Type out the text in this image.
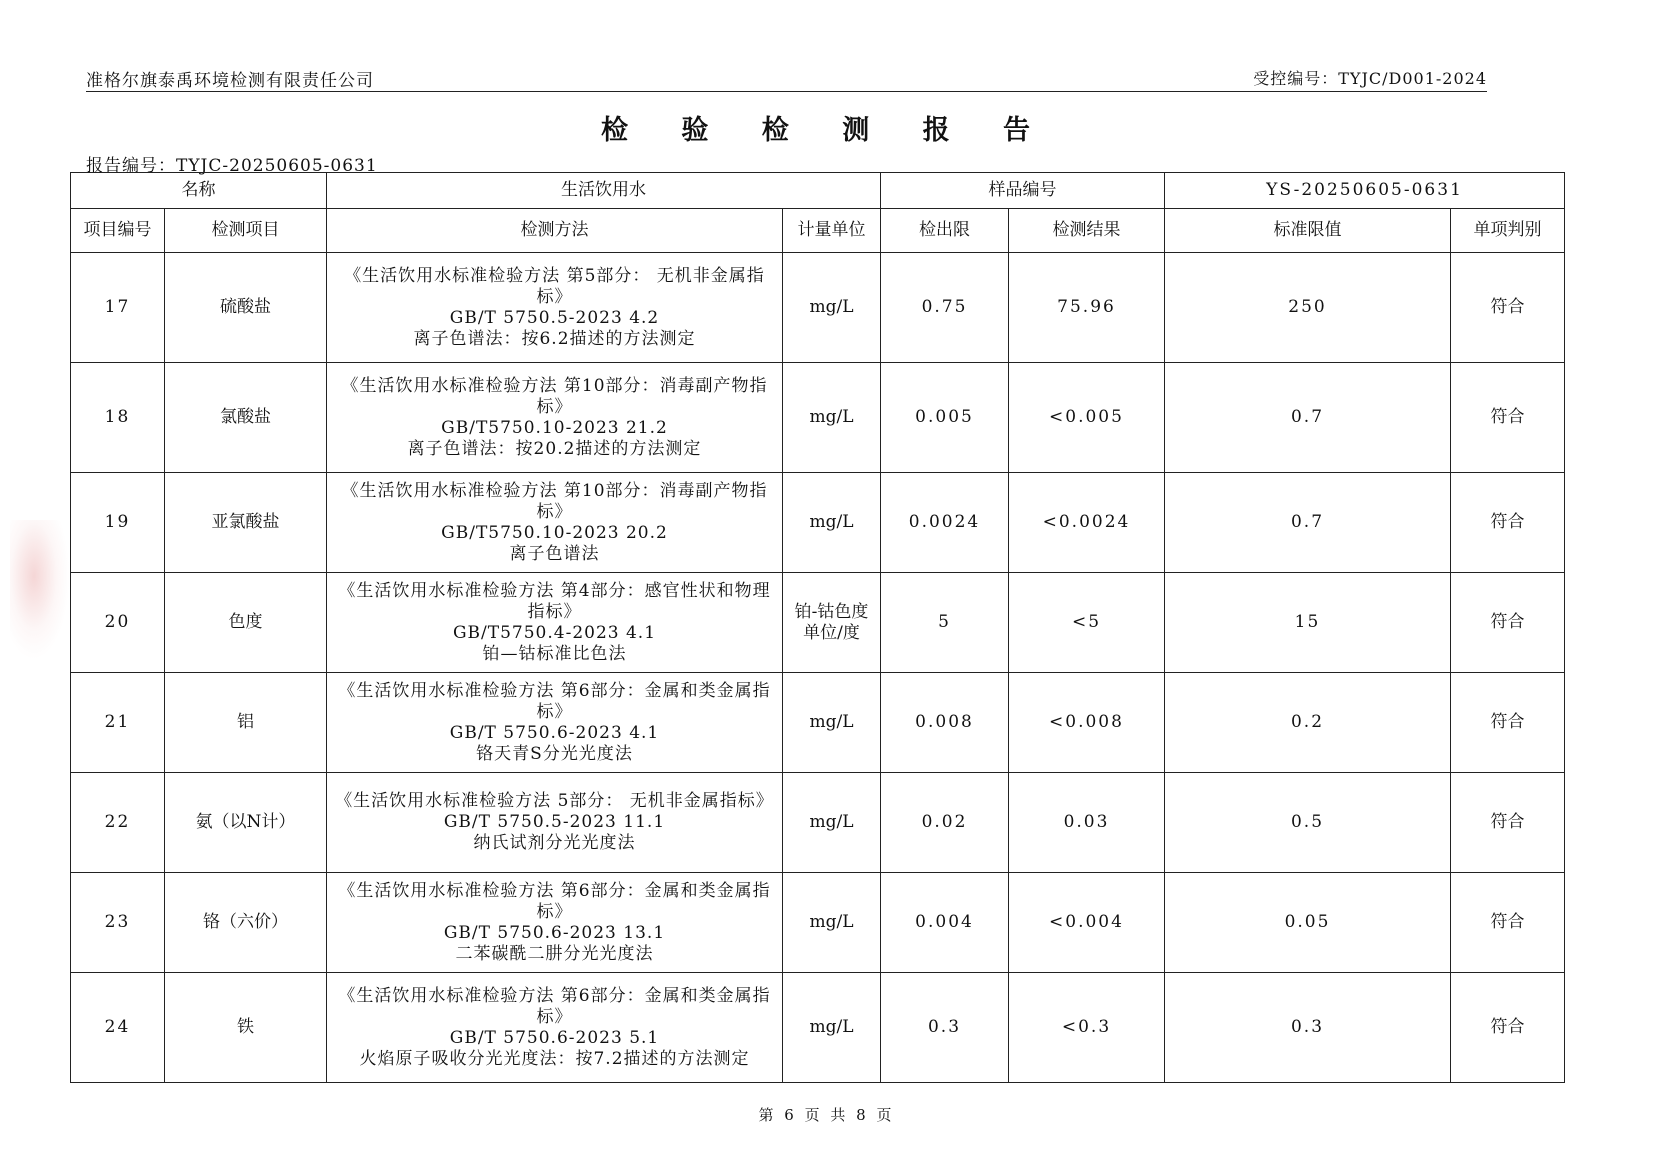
准格尔旗泰禹环境检测有限责任公司	受控编号：TYJC/D001-2024
检 验 检 测 报 告
报告编号：TYJC-20250605-0631
名称		生活饮用水		样品编号		YS-20250605-0631	
项目编号	检测项目	检测方法	计量单位	检出限	检测结果	标准限值	单项判别
17	硫酸盐	《生活饮用水标准检验方法 第5部分： 无机非金属指标》
GB/T 5750.5-2023 4.2
离子色谱法：按6.2描述的方法测定	mg/L	0.75	75.96	250	符合
18	氯酸盐	《生活饮用水标准检验方法 第10部分：消毒副产物指标》
GB/T5750.10-2023 21.2
离子色谱法：按20.2描述的方法测定	mg/L	0.005	<0.005	0.7	符合
19	亚氯酸盐	《生活饮用水标准检验方法 第10部分：消毒副产物指标》
GB/T5750.10-2023 20.2
离子色谱法	mg/L	0.0024	<0.0024	0.7	符合
20	色度	《生活饮用水标准检验方法 第4部分：感官性状和物理指标》
GB/T5750.4-2023 4.1
铂—钴标准比色法	铂-钴色度单位/度	5	<5	15	符合
21	铝	《生活饮用水标准检验方法 第6部分：金属和类金属指标》
GB/T 5750.6-2023 4.1
铬天青S分光光度法	mg/L	0.008	<0.008	0.2	符合
22	氨（以N计）	《生活饮用水标准检验方法 5部分： 无机非金属指标》
GB/T 5750.5-2023 11.1
纳氏试剂分光光度法	mg/L	0.02	0.03	0.5	符合
23	铬（六价）	《生活饮用水标准检验方法 第6部分：金属和类金属指标》
GB/T 5750.6-2023 13.1
二苯碳酰二肼分光光度法	mg/L	0.004	<0.004	0.05	符合
24	铁	《生活饮用水标准检验方法 第6部分：金属和类金属指标》
GB/T 5750.6-2023 5.1
火焰原子吸收分光光度法：按7.2描述的方法测定	mg/L	0.3	<0.3	0.3	符合
第 6 页 共 8 页
